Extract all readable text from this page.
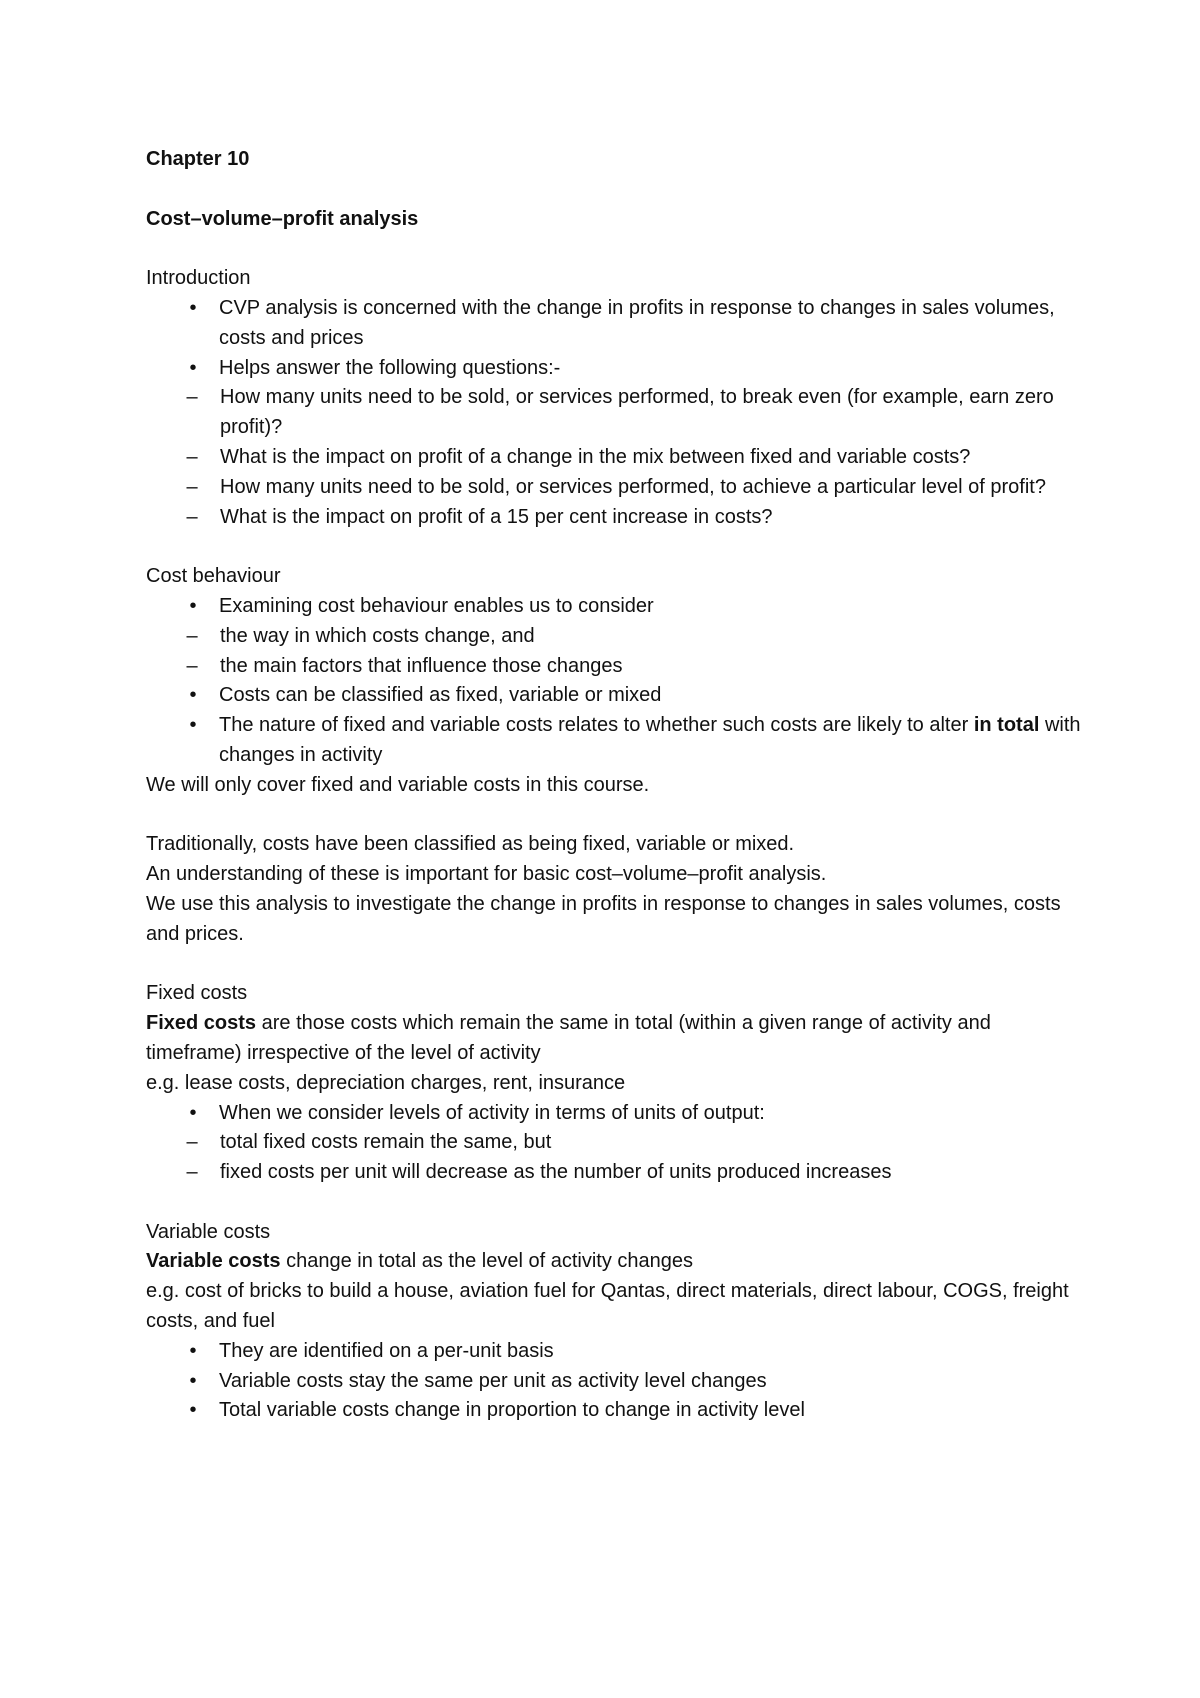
Chapter 10

Cost–volume–profit analysis

Introduction

• CVP analysis is concerned with the change in profits in response to changes in sales volumes, costs and prices
• Helps answer the following questions:-
– How many units need to be sold, or services performed, to break even (for example, earn zero profit)?
– What is the impact on profit of a change in the mix between fixed and variable costs?
– How many units need to be sold, or services performed, to achieve a particular level of profit?
– What is the impact on profit of a 15 per cent increase in costs?

Cost behaviour

• Examining cost behaviour enables us to consider
– the way in which costs change, and
– the main factors that influence those changes
• Costs can be classified as fixed, variable or mixed
• The nature of fixed and variable costs relates to whether such costs are likely to alter in total with changes in activity

We will only cover fixed and variable costs in this course.

Traditionally, costs have been classified as being fixed, variable or mixed.

An understanding of these is important for basic cost–volume–profit analysis.

We use this analysis to investigate the change in profits in response to changes in sales volumes, costs and prices.

Fixed costs

Fixed costs are those costs which remain the same in total (within a given range of activity and timeframe) irrespective of the level of activity

e.g. lease costs, depreciation charges, rent, insurance

• When we consider levels of activity in terms of units of output:
– total fixed costs remain the same, but
– fixed costs per unit will decrease as the number of units produced increases

Variable costs

Variable costs change in total as the level of activity changes

e.g. cost of bricks to build a house, aviation fuel for Qantas, direct materials, direct labour, COGS, freight costs, and fuel

• They are identified on a per-unit basis
• Variable costs stay the same per unit as activity level changes
• Total variable costs change in proportion to change in activity level
